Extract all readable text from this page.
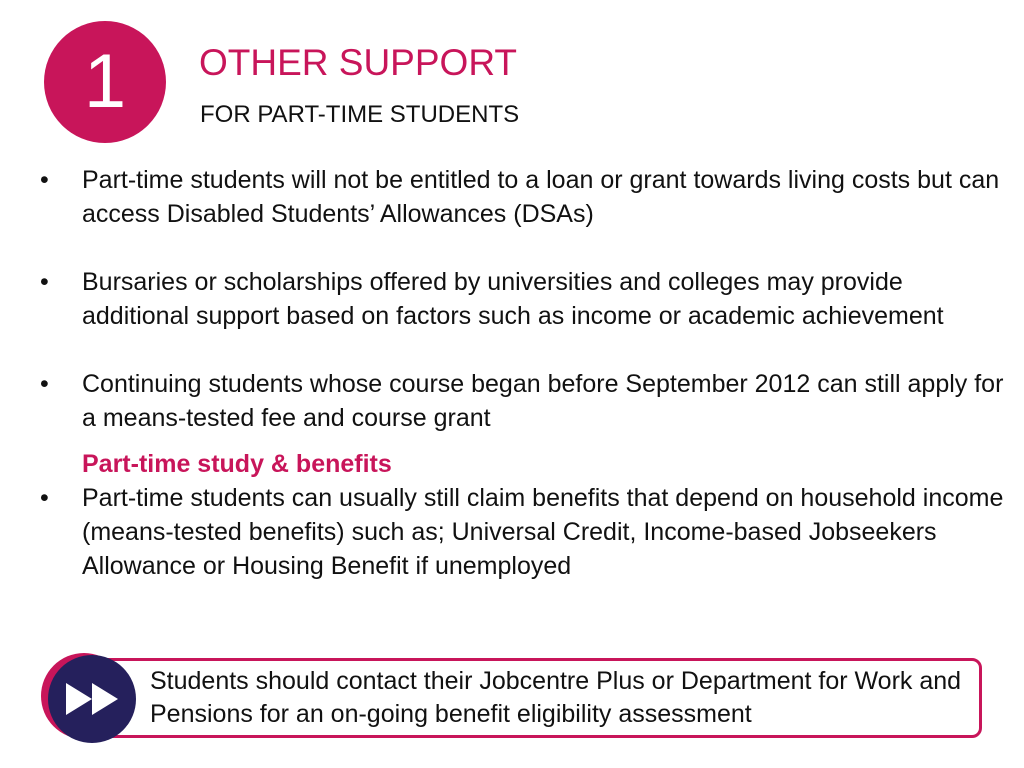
1 OTHER SUPPORT
FOR PART-TIME STUDENTS
• Part-time students will not be entitled to a loan or grant towards living costs but can access Disabled Students’ Allowances (DSAs)
• Bursaries or scholarships offered by universities and colleges may provide additional support based on factors such as income or academic achievement
• Continuing students whose course began before September 2012 can still apply for a means-tested fee and course grant
Part-time study & benefits
• Part-time students can usually still claim benefits that depend on household income (means-tested benefits) such as; Universal Credit, Income-based Jobseekers Allowance or Housing Benefit if unemployed
Students should contact their Jobcentre Plus or Department for Work and Pensions for an on-going benefit eligibility assessment
